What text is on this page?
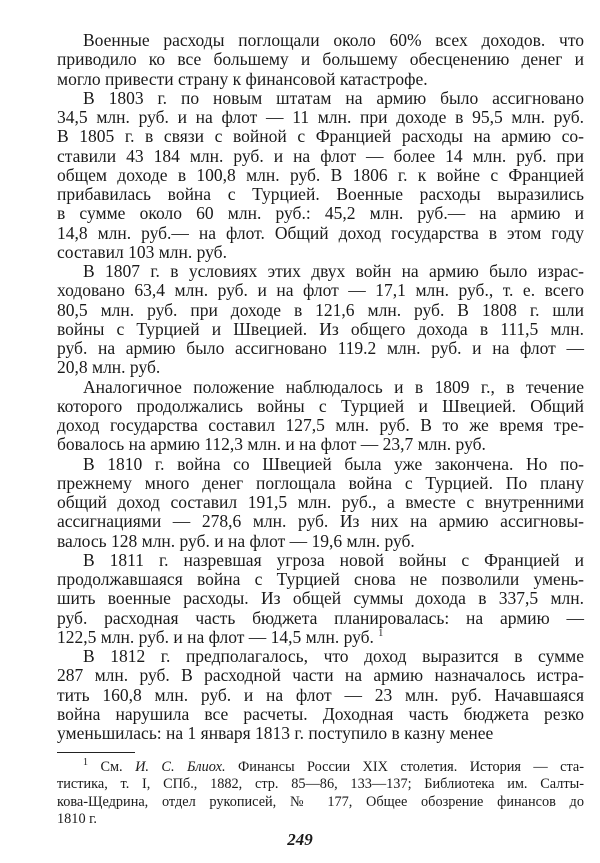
Военные расходы поглощали около 60% всех доходов. что
приводило ко все большему и большему обесценению денег и
могло привести страну к финансовой катастрофе.
В 1803 г. по новым штатам на армию было ассигновано
34,5 млн. руб. и на флот — 11 млн. при доходе в 95,5 млн. руб.
В 1805 г. в связи с войной с Францией расходы на армию со-
ставили 43 184 млн. руб. и на флот — более 14 млн. руб. при
общем доходе в 100,8 млн. руб. В 1806 г. к войне с Францией
прибавилась война с Турцией. Военные расходы выразились
в сумме около 60 млн. руб.: 45,2 млн. руб.— на армию и
14,8 млн. руб.— на флот. Общий доход государства в этом году
составил 103 млн. руб.
В 1807 г. в условиях этих двух войн на армию было израс-
ходовано 63,4 млн. руб. и на флот — 17,1 млн. руб., т. е. всего
80,5 млн. руб. при доходе в 121,6 млн. руб. В 1808 г. шли
войны с Турцией и Швецией. Из общего дохода в 111,5 млн.
руб. на армию было ассигновано 119.2 млн. руб. и на флот —
20,8 млн. руб.
Аналогичное положение наблюдалось и в 1809 г., в течение
которого продолжались войны с Турцией и Швецией. Общий
доход государства составил 127,5 млн. руб. В то же время тре-
бовалось на армию 112,3 млн. и на флот — 23,7 млн. руб.
В 1810 г. война со Швецией была уже закончена. Но по-
прежнему много денег поглощала война с Турцией. По плану
общий доход составил 191,5 млн. руб., а вместе с внутренними
ассигнациями — 278,6 млн. руб. Из них на армию ассигновы-
валось 128 млн. руб. и на флот — 19,6 млн. руб.
В 1811 г. назревшая угроза новой войны с Францией и
продолжавшаяся война с Турцией снова не позволили умень-
шить военные расходы. Из общей суммы дохода в 337,5 млн.
руб. расходная часть бюджета планировалась: на армию —
122,5 млн. руб. и на флот — 14,5 млн. руб. $^1$
В 1812 г. предполагалось, что доход выразится в сумме
287 млн. руб. В расходной части на армию назначалось истра-
тить 160,8 млн. руб. и на флот — 23 млн. руб. Начавшаяся
война нарушила все расчеты. Доходная часть бюджета резко
уменьшилась: на 1 января 1813 г. поступило в казну менее
$^1$ См. И. С. Блиох. Финансы России XIX столетия. История — ста-
тистика, т. I, СПб., 1882, стр. 85—86, 133—137; Библиотека им. Салты-
кова-Щедрина, отдел рукописей, № 177, Общее обозрение финансов до
1810 г.
249
